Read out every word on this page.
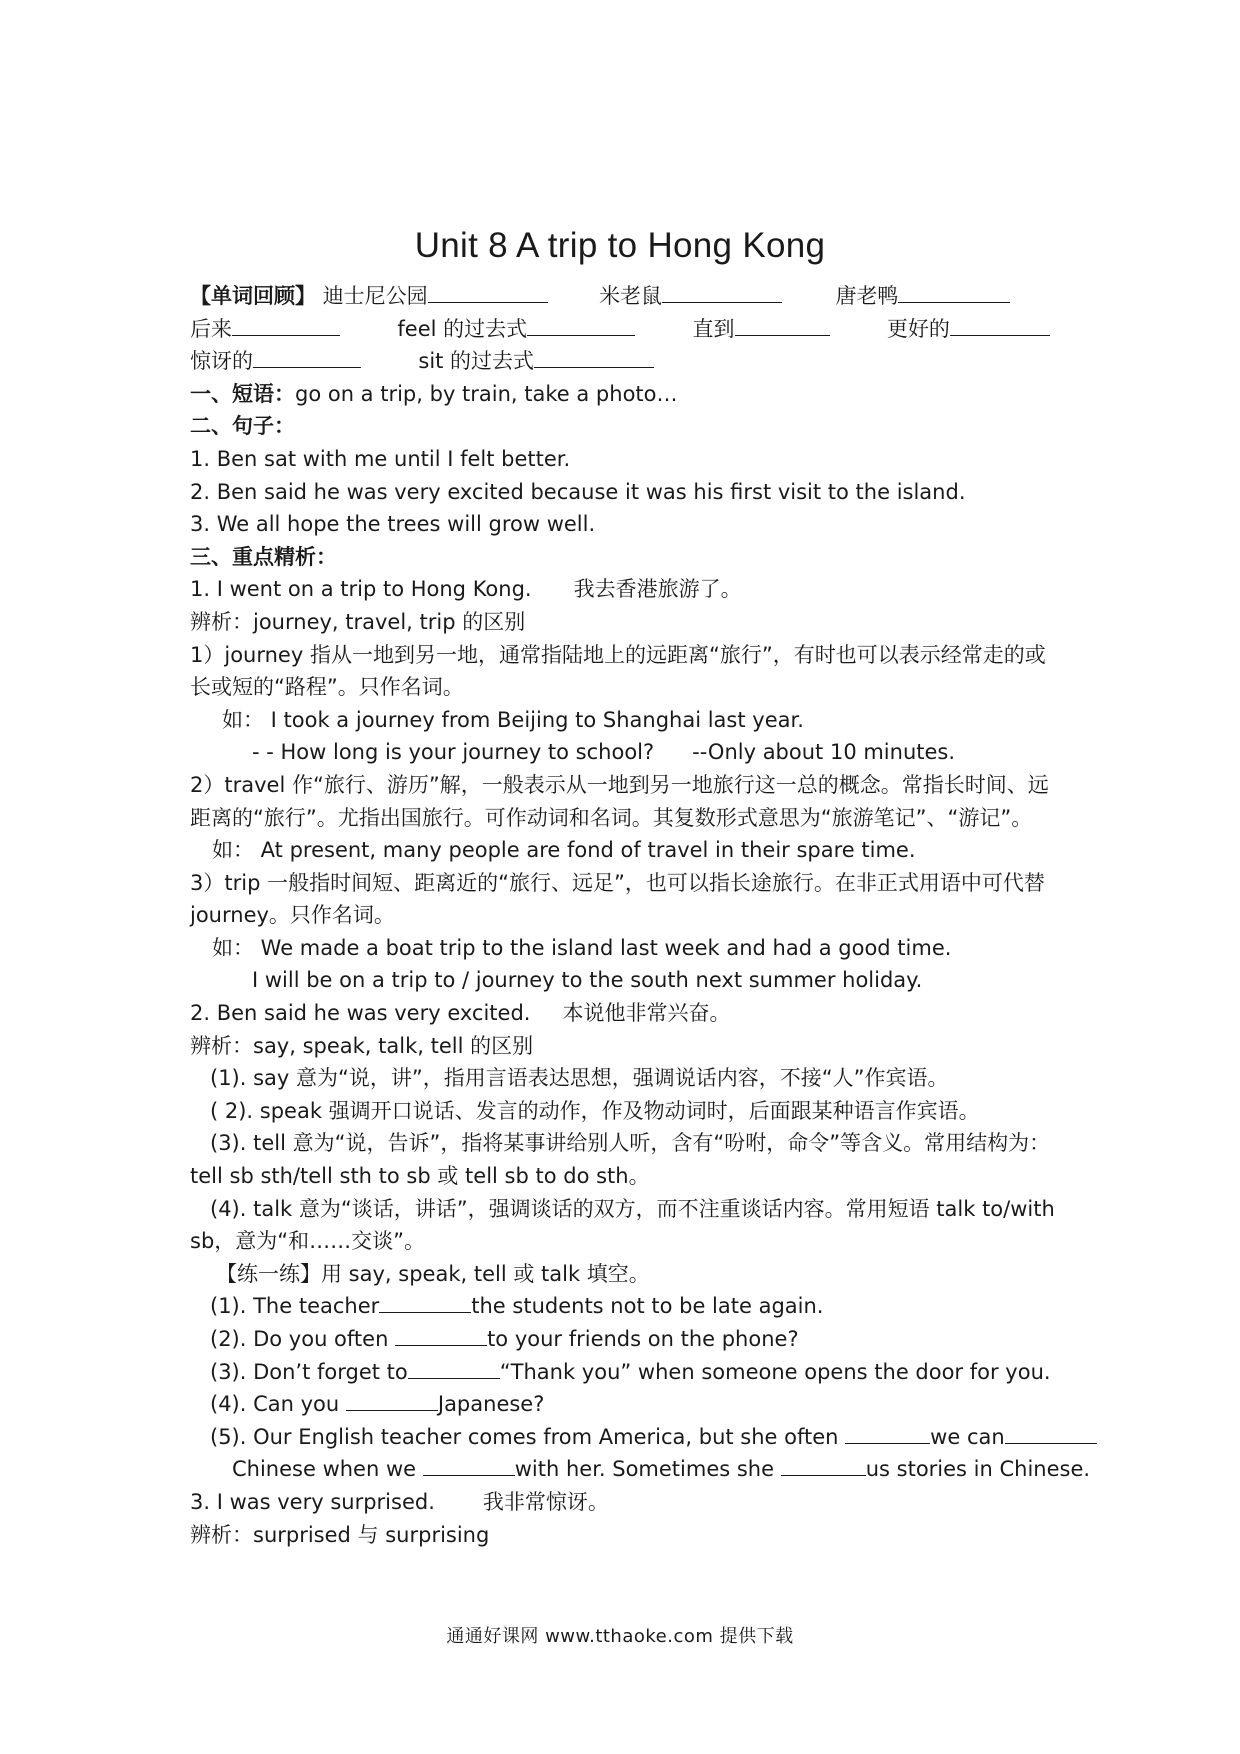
Unit 8 A trip to Hong Kong
【单词回顾】 迪士尼公园	米老鼠	唐老鸭
后来	feel 的过去式	直到	更好的
惊讶的	sit 的过去式
一、短语：go on a trip, by train, take a photo…
二、句子：
1. Ben sat with me until I felt better.
2. Ben said he was very excited because it was his first visit to the island.
3. We all hope the trees will grow well.
三、重点精析：
1. I went on a trip to Hong Kong. 我去香港旅游了。
辨析：journey, travel, trip 的区别
1）journey 指从一地到另一地，通常指陆地上的远距离“旅行”，有时也可以表示经常走的或长或短的“路程”。只作名词。
如： I took a journey from Beijing to Shanghai last year.
- - How long is your journey to school? --Only about 10 minutes.
2）travel 作“旅行、游历”解，一般表示从一地到另一地旅行这一总的概念。常指长时间、远距离的“旅行”。尤指出国旅行。可作动词和名词。其复数形式意思为“旅游笔记”、“游记”。
如： At present, many people are fond of travel in their spare time.
3）trip 一般指时间短、距离近的“旅行、远足”，也可以指长途旅行。在非正式用语中可代替 journey。只作名词。
如： We made a boat trip to the island last week and had a good time.
I will be on a trip to / journey to the south next summer holiday.
2. Ben said he was very excited. 本说他非常兴奋。
辨析：say, speak, talk, tell 的区别
(1). say 意为“说，讲”，指用言语表达思想，强调说话内容，不接“人”作宾语。
( 2). speak 强调开口说话、发言的动作，作及物动词时，后面跟某种语言作宾语。
(3). tell 意为“说，告诉”，指将某事讲给别人听，含有“吩咐，命令”等含义。常用结构为：tell sb sth/tell sth to sb 或 tell sb to do sth。
(4). talk 意为“谈话，讲话”，强调谈话的双方，而不注重谈话内容。常用短语 talk to/with sb，意为“和……交谈”。
【练一练】用 say, speak, tell 或 talk 填空。
(1). The teacher	the students not to be late again.
(2). Do you often	to your friends on the phone?
(3). Don’t forget to	“Thank you” when someone opens the door for you.
(4). Can you	Japanese?
(5). Our English teacher comes from America, but she often	we can
Chinese when we	with her. Sometimes she	us stories in Chinese.
3. I was very surprised. 我非常惊讶。
辨析：surprised 与 surprising
通通好课网 www.tthaoke.com 提供下载
